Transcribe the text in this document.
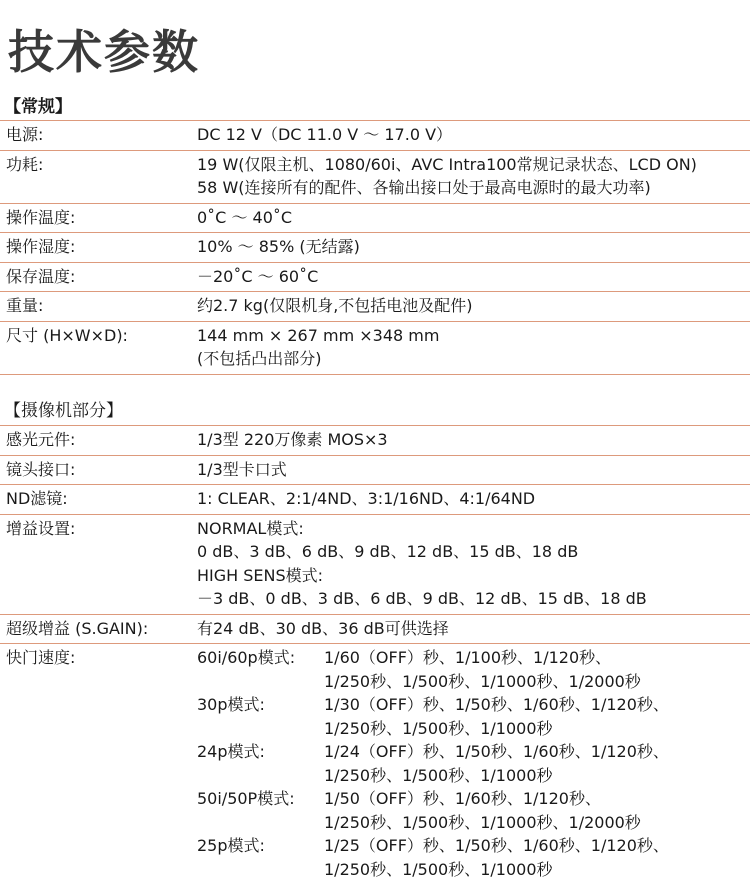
技术参数
【常规】
电源:	DC 12 V（DC 11.0 V ～ 17.0 V）
功耗:	19 W(仅限主机、1080/60i、AVC Intra100常规记录状态、LCD ON)
58 W(连接所有的配件、各输出接口处于最高电源时的最大功率)
操作温度:	0˚C ～ 40˚C
操作湿度:	10% ～ 85% (无结露)
保存温度:	－20˚C ～ 60˚C
重量:	约2.7 kg(仅限机身,不包括电池及配件)
尺寸 (H×W×D):	144 mm × 267 mm ×348 mm
(不包括凸出部分)
【摄像机部分】
感光元件:	1/3型 220万像素 MOS×3
镜头接口:	1/3型卡口式
ND滤镜:	1: CLEAR、2:1/4ND、3:1/16ND、4:1/64ND
增益设置:	NORMAL模式:
0 dB、3 dB、6 dB、9 dB、12 dB、15 dB、18 dB
HIGH SENS模式:
－3 dB、0 dB、3 dB、6 dB、9 dB、12 dB、15 dB、18 dB
超级增益 (S.GAIN):	有24 dB、30 dB、36 dB可供选择
快门速度:	60i/60p模式:	1/60（OFF）秒、1/100秒、1/120秒、
1/250秒、1/500秒、1/1000秒、1/2000秒
30p模式:	1/30（OFF）秒、1/50秒、1/60秒、1/120秒、
1/250秒、1/500秒、1/1000秒
24p模式:	1/24（OFF）秒、1/50秒、1/60秒、1/120秒、
1/250秒、1/500秒、1/1000秒
50i/50P模式:	1/50（OFF）秒、1/60秒、1/120秒、
1/250秒、1/500秒、1/1000秒、1/2000秒
25p模式:	1/25（OFF）秒、1/50秒、1/60秒、1/120秒、
1/250秒、1/500秒、1/1000秒
